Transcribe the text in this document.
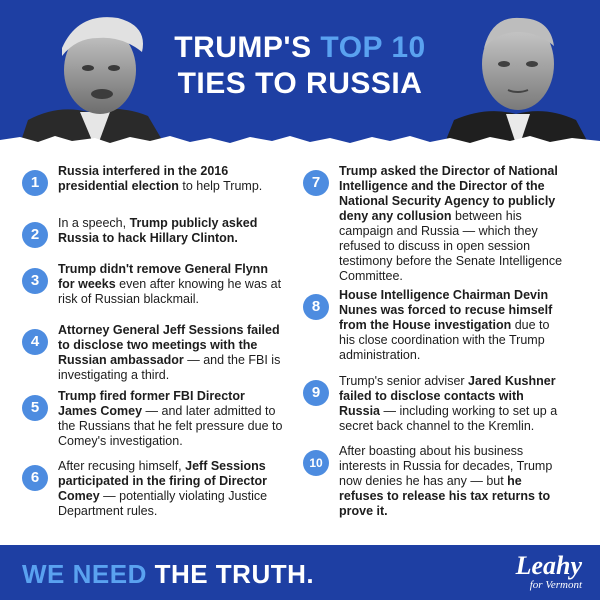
TRUMP'S TOP 10
TIES TO RUSSIA
1
Russia interfered in the 2016 presidential election to help Trump.
2
In a speech, Trump publicly asked Russia to hack Hillary Clinton.
3
Trump didn't remove General Flynn for weeks even after knowing he was at risk of Russian blackmail.
4
Attorney General Jeff Sessions failed to disclose two meetings with the Russian ambassador — and the FBI is investigating a third.
5
Trump fired former FBI Director James Comey — and later admitted to the Russians that he felt pressure due to Comey's investigation.
6
After recusing himself, Jeff Sessions participated in the firing of Director Comey — potentially violating Justice Department rules.
7
Trump asked the Director of National Intelligence and the Director of the National Security Agency to publicly deny any collusion between his campaign and Russia — which they refused to discuss in open session testimony before the Senate Intelligence Committee.
8
House Intelligence Chairman Devin Nunes was forced to recuse himself from the House investigation due to his close coordination with the Trump administration.
9
Trump's senior adviser Jared Kushner failed to disclose contacts with Russia — including working to set up a secret back channel to the Kremlin.
10
After boasting about his business interests in Russia for decades, Trump now denies he has any — but he refuses to release his tax returns to prove it.
WE NEED THE TRUTH.	Leahy
for Vermont
